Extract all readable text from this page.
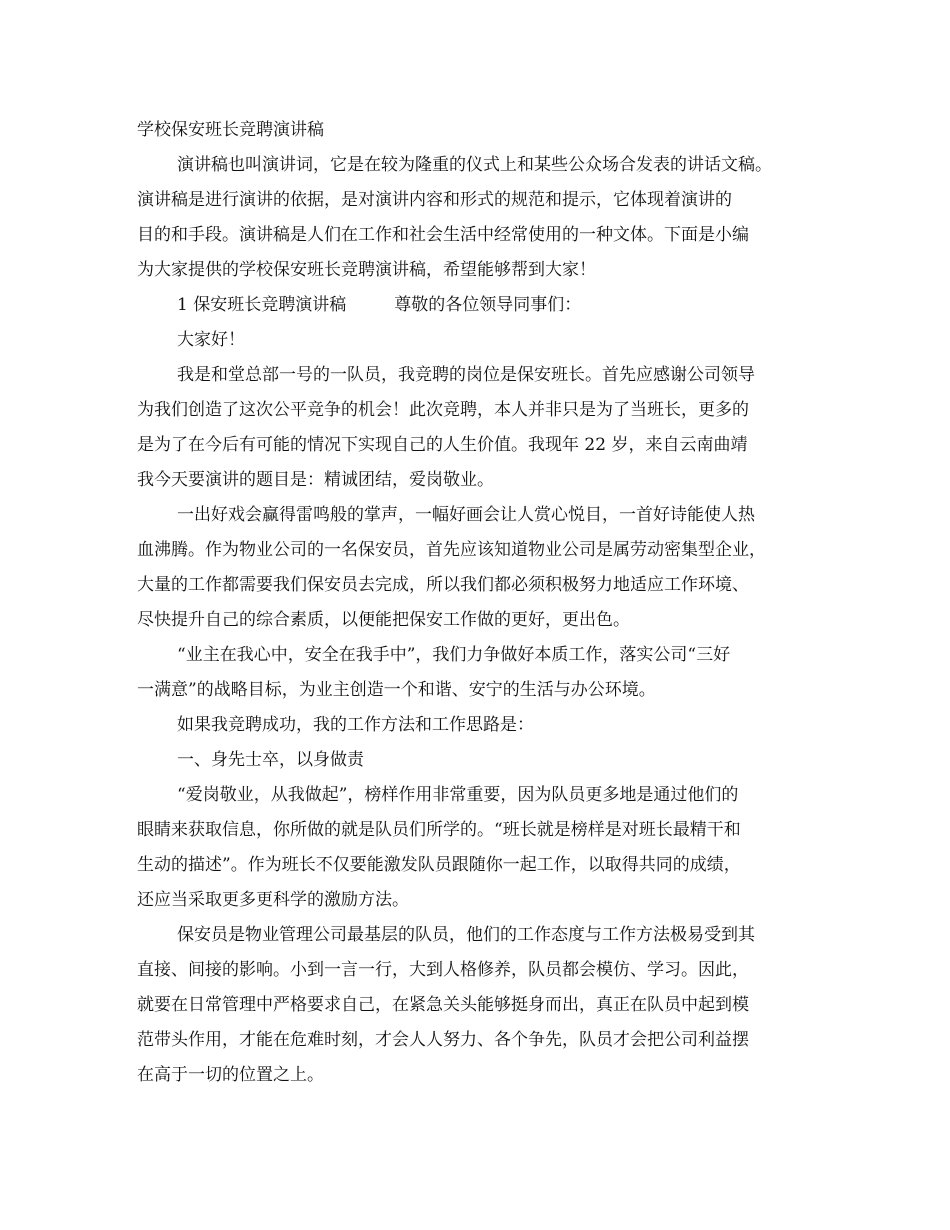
学校保安班长竞聘演讲稿

演讲稿也叫演讲词，它是在较为隆重的仪式上和某些公众场合发表的讲话文稿。

演讲稿是进行演讲的依据，是对演讲内容和形式的规范和提示，它体现着演讲的

目的和手段。演讲稿是人们在工作和社会生活中经常使用的一种文体。下面是小编

为大家提供的学校保安班长竞聘演讲稿，希望能够帮到大家！

1 保安班长竞聘演讲稿	尊敬的各位领导同事们：

大家好！

我是和堂总部一号的一队员，我竞聘的岗位是保安班长。首先应感谢公司领导

为我们创造了这次公平竞争的机会！此次竞聘，本人并非只是为了当班长，更多的

是为了在今后有可能的情况下实现自己的人生价值。我现年 22 岁，来自云南曲靖

我今天要演讲的题目是：精诚团结，爱岗敬业。

一出好戏会赢得雷鸣般的掌声，一幅好画会让人赏心悦目，一首好诗能使人热

血沸腾。作为物业公司的一名保安员，首先应该知道物业公司是属劳动密集型企业，

大量的工作都需要我们保安员去完成，所以我们都必须积极努力地适应工作环境、

尽快提升自己的综合素质，以便能把保安工作做的更好，更出色。

“业主在我心中，安全在我手中”，我们力争做好本质工作，落实公司“三好

一满意”的战略目标，为业主创造一个和谐、安宁的生活与办公环境。

如果我竞聘成功，我的工作方法和工作思路是：

一、身先士卒，以身做责

“爱岗敬业，从我做起”，榜样作用非常重要，因为队员更多地是通过他们的

眼睛来获取信息，你所做的就是队员们所学的。“班长就是榜样是对班长最精干和

生动的描述”。作为班长不仅要能激发队员跟随你一起工作，以取得共同的成绩，

还应当采取更多更科学的激励方法。

保安员是物业管理公司最基层的队员，他们的工作态度与工作方法极易受到其

直接、间接的影响。小到一言一行，大到人格修养，队员都会模仿、学习。因此，

就要在日常管理中严格要求自己，在紧急关头能够挺身而出，真正在队员中起到模

范带头作用，才能在危难时刻，才会人人努力、各个争先，队员才会把公司利益摆

在高于一切的位置之上。
